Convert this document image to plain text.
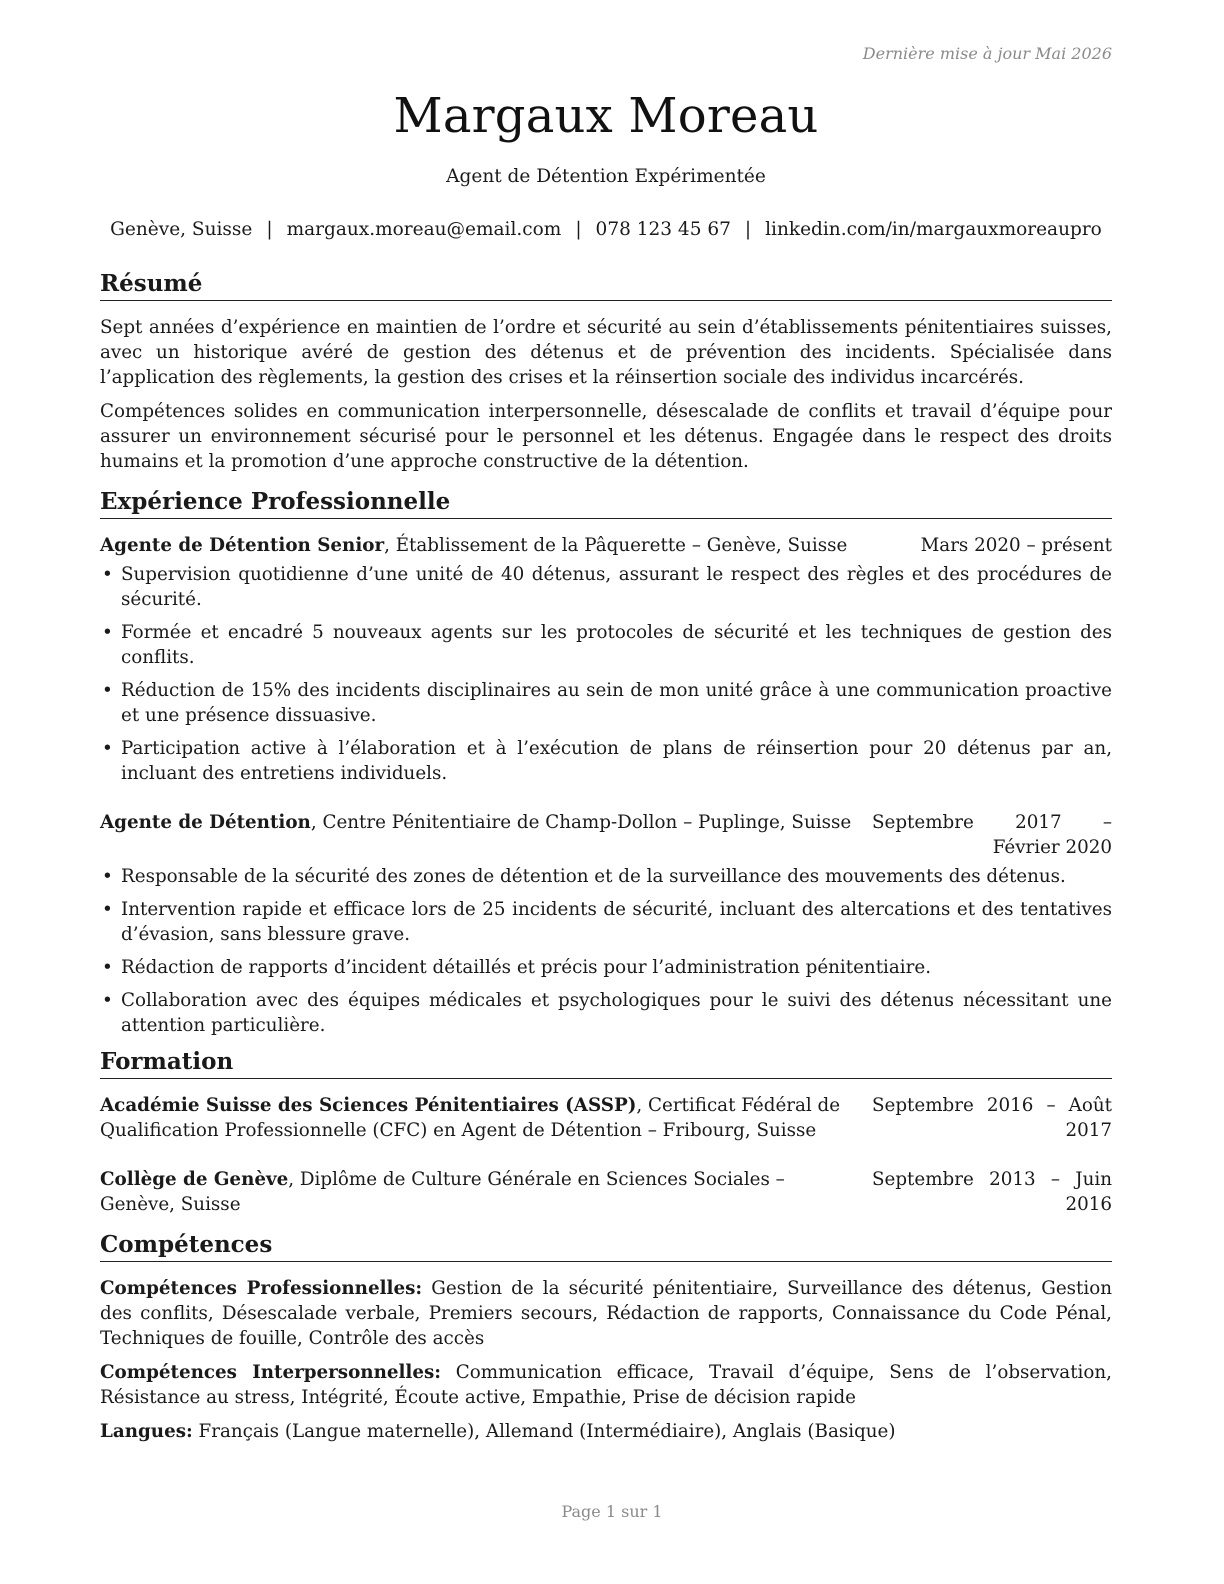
Dernière mise à jour Mai 2026
Margaux Moreau
Agent de Détention Expérimentée
Genève, Suisse | margaux.moreau@email.com | 078 123 45 67 | linkedin.com/in/margauxmoreaupro
Résumé

Sept années d’expérience en maintien de l’ordre et sécurité au sein d’établissements pénitentiaires suisses, avec un historique avéré de gestion des détenus et de prévention des incidents. Spécialisée dans l’application des règlements, la gestion des crises et la réinsertion sociale des individus incarcérés.

Compétences solides en communication interpersonnelle, désescalade de conflits et travail d’équipe pour assurer un environnement sécurisé pour le personnel et les détenus. Engagée dans le respect des droits humains et la promotion d’une approche constructive de la détention.

Expérience Professionnelle
Agente de Détention Senior, Établissement de la Pâquerette – Genève, Suisse	Mars 2020 – présent
• Supervision quotidienne d’une unité de 40 détenus, assurant le respect des règles et des procédures de sécurité.
• Formée et encadré 5 nouveaux agents sur les protocoles de sécurité et les techniques de gestion des conflits.
• Réduction de 15% des incidents disciplinaires au sein de mon unité grâce à une communication proactive et une présence dissuasive.
• Participation active à l’élaboration et à l’exécution de plans de réinsertion pour 20 détenus par an, incluant des entretiens individuels.
Agente de Détention, Centre Pénitentiaire de Champ-Dollon – Puplinge, Suisse	Septembre 2017 – Février 2020
• Responsable de la sécurité des zones de détention et de la surveillance des mouvements des détenus.
• Intervention rapide et efficace lors de 25 incidents de sécurité, incluant des altercations et des tentatives d’évasion, sans blessure grave.
• Rédaction de rapports d’incident détaillés et précis pour l’administration pénitentiaire.
• Collaboration avec des équipes médicales et psychologiques pour le suivi des détenus nécessitant une attention particulière.
Formation
Académie Suisse des Sciences Pénitentiaires (ASSP), Certificat Fédéral de Qualification Professionnelle (CFC) en Agent de Détention – Fribourg, Suisse
Septembre 2016 – Août 2017
Collège de Genève, Diplôme de Culture Générale en Sciences Sociales – Genève, Suisse
Septembre 2013 – Juin 2016
Compétences
Compétences Professionnelles: Gestion de la sécurité pénitentiaire, Surveillance des détenus, Gestion des conflits, Désescalade verbale, Premiers secours, Rédaction de rapports, Connaissance du Code Pénal, Techniques de fouille, Contrôle des accès
Compétences Interpersonnelles: Communication efficace, Travail d’équipe, Sens de l’observation, Résistance au stress, Intégrité, Écoute active, Empathie, Prise de décision rapide
Langues: Français (Langue maternelle), Allemand (Intermédiaire), Anglais (Basique)
Page 1 sur 1
